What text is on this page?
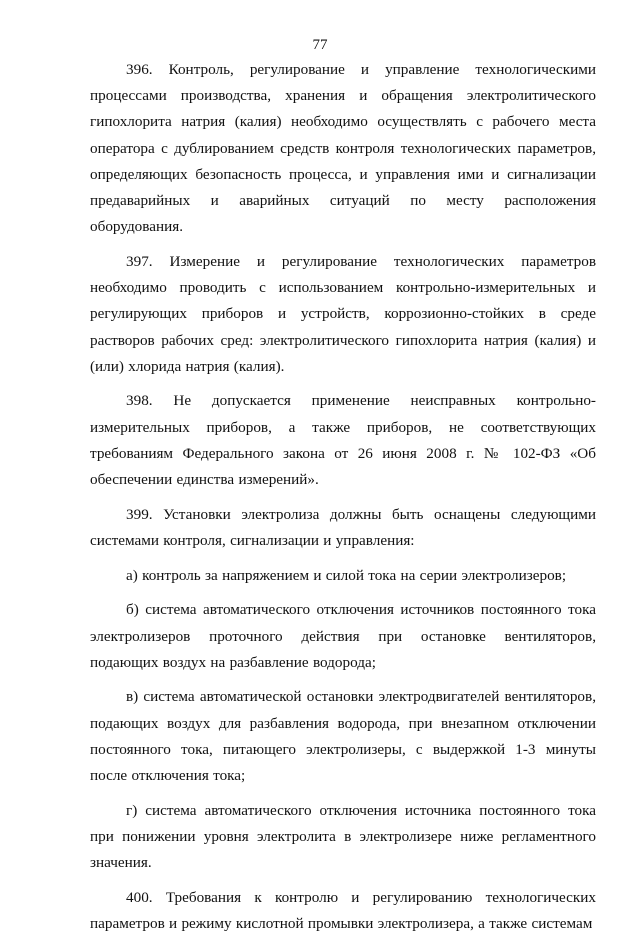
77

396. Контроль, регулирование и управление технологическими процессами производства, хранения и обращения электролитического гипохлорита натрия (калия) необходимо осуществлять с рабочего места оператора с дублированием средств контроля технологических параметров, определяющих безопасность процесса, и управления ими и сигнализации предаварийных и аварийных ситуаций по месту расположения оборудования.

397. Измерение и регулирование технологических параметров необходимо проводить с использованием контрольно-измерительных и регулирующих приборов и устройств, коррозионно-стойких в среде растворов рабочих сред: электролитического гипохлорита натрия (калия) и (или) хлорида натрия (калия).

398. Не допускается применение неисправных контрольно-измерительных приборов, а также приборов, не соответствующих требованиям Федерального закона от 26 июня 2008 г. № 102-ФЗ «Об обеспечении единства измерений».

399. Установки электролиза должны быть оснащены следующими системами контроля, сигнализации и управления:

а) контроль за напряжением и силой тока на серии электролизеров;

б) система автоматического отключения источников постоянного тока электролизеров проточного действия при остановке вентиляторов, подающих воздух на разбавление водорода;

в) система автоматической остановки электродвигателей вентиляторов, подающих воздух для разбавления водорода, при внезапном отключении постоянного тока, питающего электролизеры, с выдержкой 1-3 минуты после отключения тока;

г) система автоматического отключения источника постоянного тока при понижении уровня электролита в электролизере ниже регламентного значения.

400. Требования к контролю и регулированию технологических параметров и режиму кислотной промывки электролизера, а также системам
